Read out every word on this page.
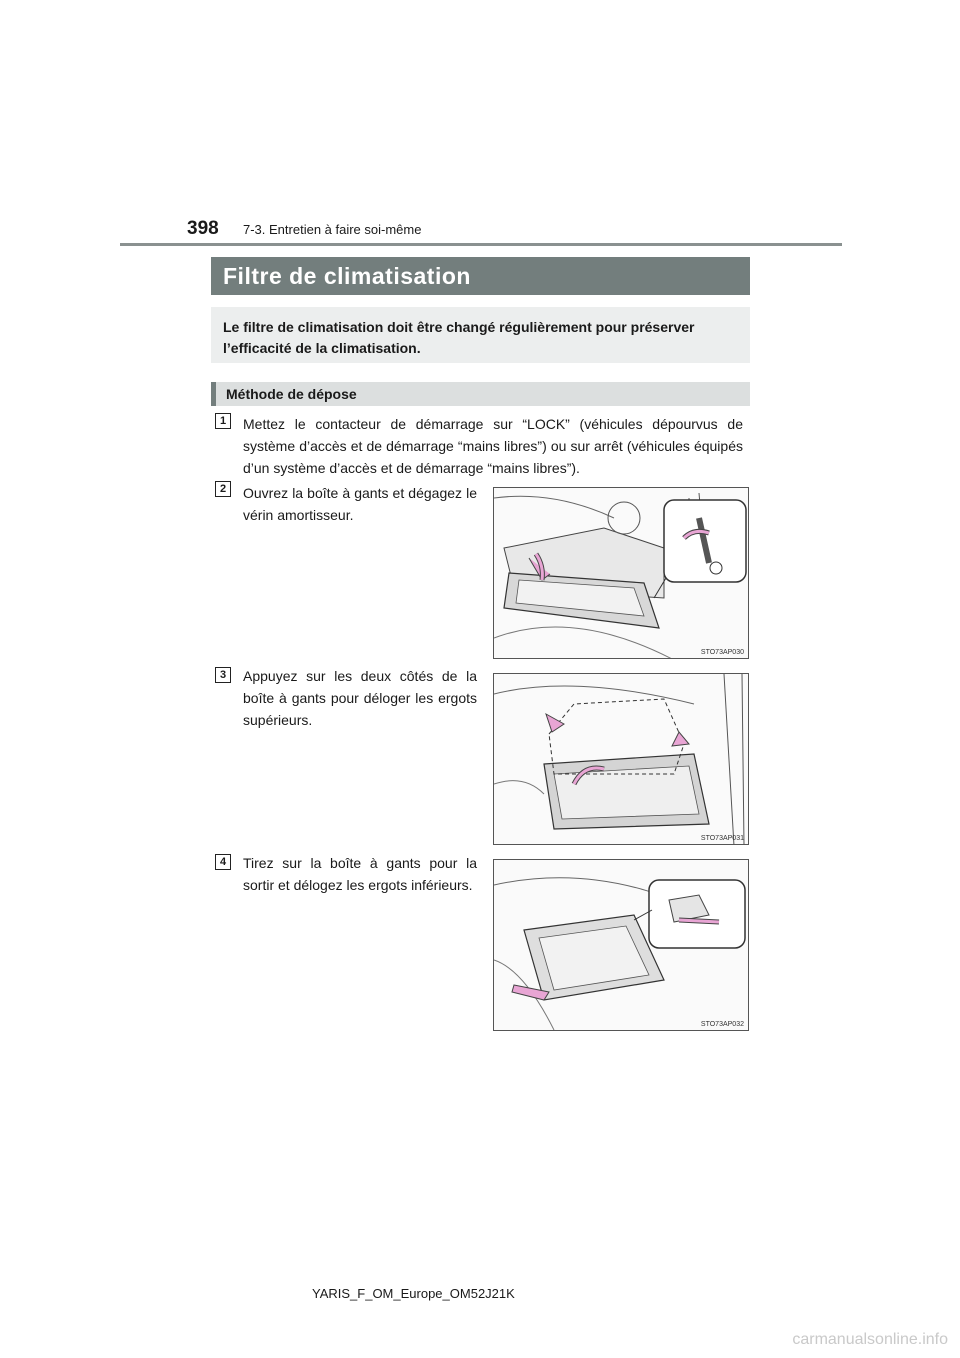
398 7-3. Entretien à faire soi-même
Filtre de climatisation
Le filtre de climatisation doit être changé régulièrement pour préserver l’efficacité de la climatisation.
Méthode de dépose
1	Mettez le contacteur de démarrage sur “LOCK” (véhicules dépourvus de système d’accès et de démarrage “mains libres”) ou sur arrêt (véhicules équipés d’un système d’accès et de démarrage “mains libres”).
2	Ouvrez la boîte à gants et dégagez le vérin amortisseur.
STO73AP030
3	Appuyez sur les deux côtés de la boîte à gants pour déloger les ergots supérieurs.
STO73AP031
4	Tirez sur la boîte à gants pour la sortir et délogez les ergots inférieurs.
STO73AP032
YARIS_F_OM_Europe_OM52J21K
carmanualsonline.info
